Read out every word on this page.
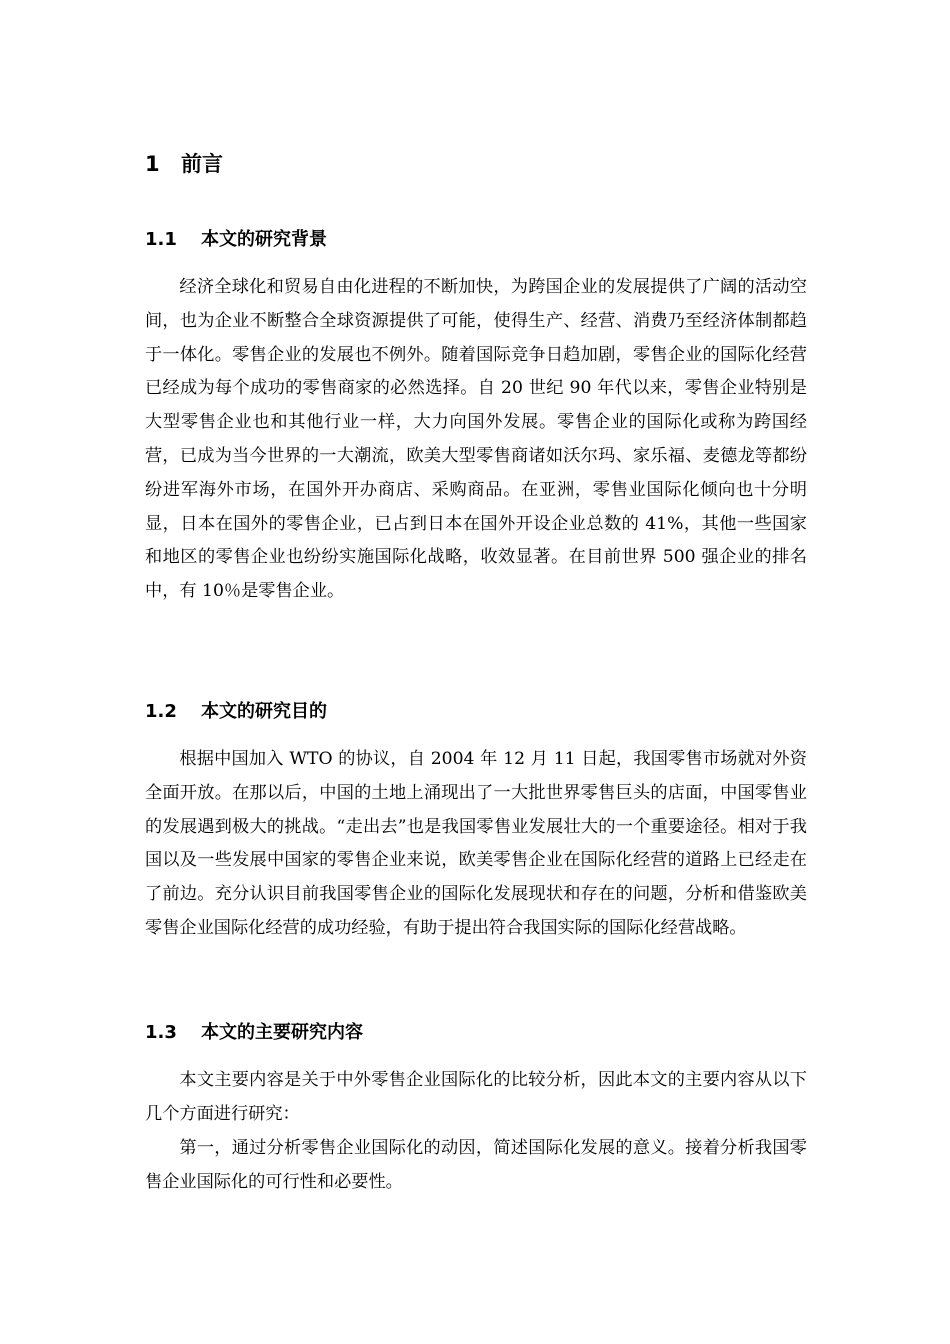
1 前言
1.1 本文的研究背景

经济全球化和贸易自由化进程的不断加快，为跨国企业的发展提供了广阔的活动空间，也为企业不断整合全球资源提供了可能，使得生产、经营、消费乃至经济体制都趋于一体化。零售企业的发展也不例外。随着国际竞争日趋加剧，零售企业的国际化经营已经成为每个成功的零售商家的必然选择。自 20 世纪 90 年代以来，零售企业特别是大型零售企业也和其他行业一样，大力向国外发展。零售企业的国际化或称为跨国经营，已成为当今世界的一大潮流，欧美大型零售商诸如沃尔玛、家乐福、麦德龙等都纷纷进军海外市场，在国外开办商店、采购商品。在亚洲，零售业国际化倾向也十分明显，日本在国外的零售企业，已占到日本在国外开设企业总数的 41%，其他一些国家和地区的零售企业也纷纷实施国际化战略，收效显著。在目前世界 500 强企业的排名中，有 10％是零售企业。

1.2 本文的研究目的

根据中国加入 WTO 的协议，自 2004 年 12 月 11 日起，我国零售市场就对外资全面开放。在那以后，中国的土地上涌现出了一大批世界零售巨头的店面，中国零售业的发展遇到极大的挑战。“走出去”也是我国零售业发展壮大的一个重要途径。相对于我国以及一些发展中国家的零售企业来说，欧美零售企业在国际化经营的道路上已经走在了前边。充分认识目前我国零售企业的国际化发展现状和存在的问题，分析和借鉴欧美零售企业国际化经营的成功经验，有助于提出符合我国实际的国际化经营战略。

1.3 本文的主要研究内容

本文主要内容是关于中外零售企业国际化的比较分析，因此本文的主要内容从以下几个方面进行研究：

第一，通过分析零售企业国际化的动因，简述国际化发展的意义。接着分析我国零售企业国际化的可行性和必要性。
